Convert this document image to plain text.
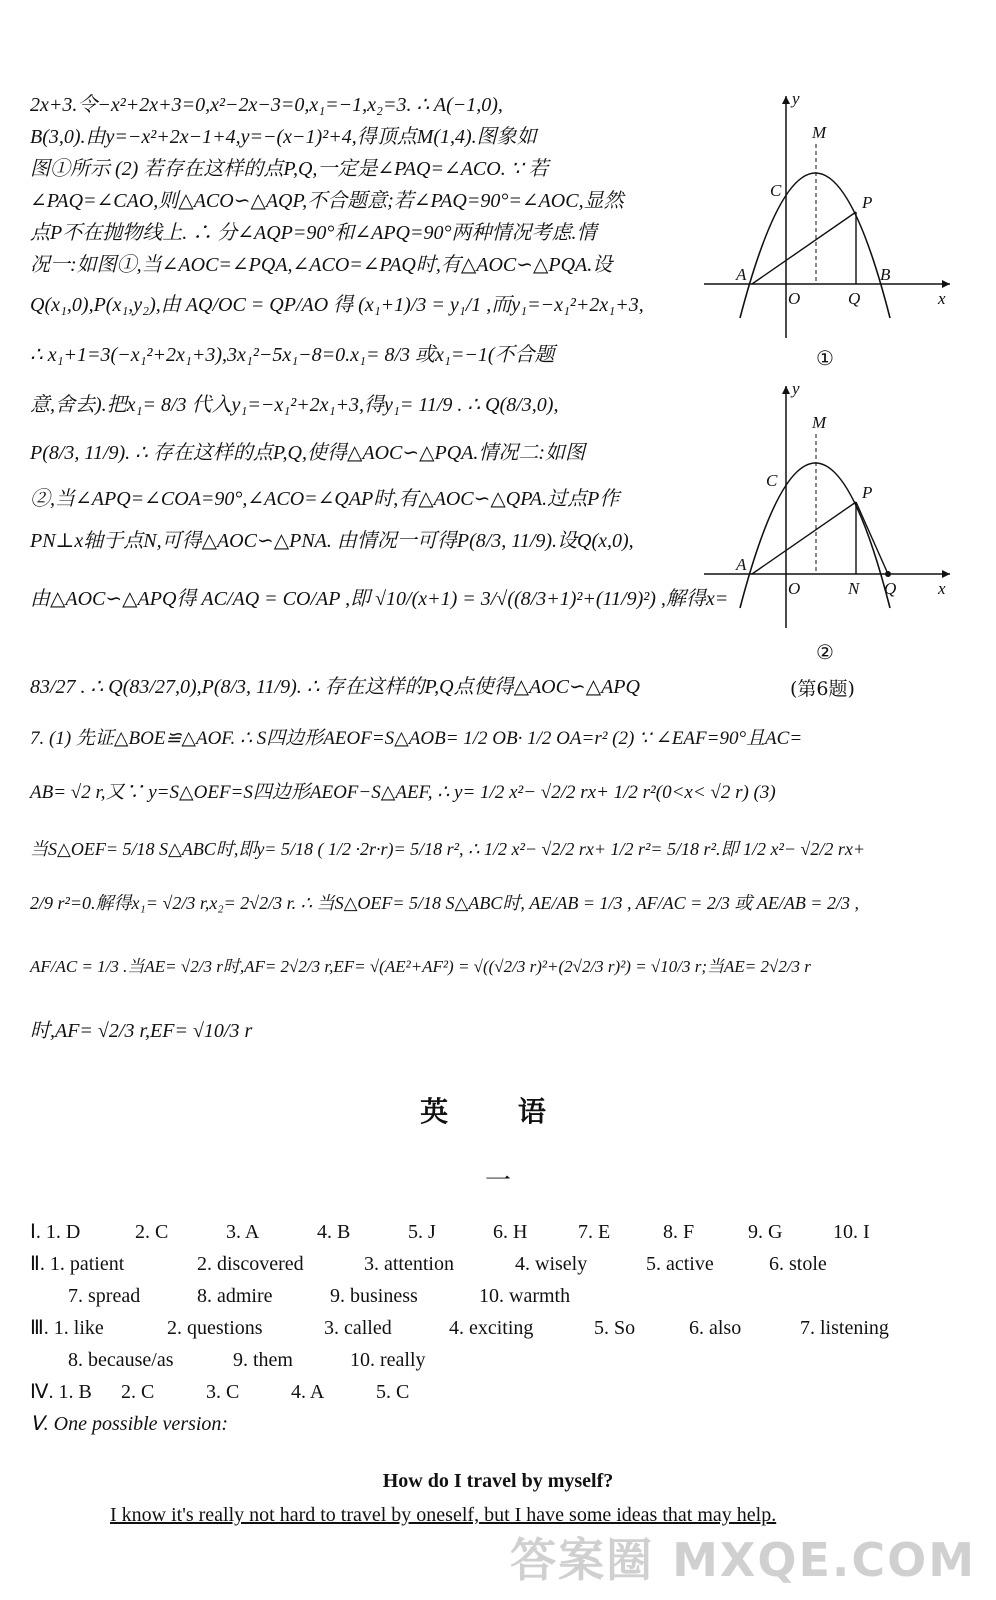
2x+3.令−x²+2x+3=0,x²−2x−3=0,x₁=−1,x₂=3. ∴ A(−1,0),
B(3,0).由y=−x²+2x−1+4,y=−(x−1)²+4,得顶点M(1,4).图象如
图①所示 (2) 若存在这样的点P,Q,一定是∠PAQ=∠ACO. ∵ 若
∠PAQ=∠CAO,则△ACO∽△AQP,不合题意;若∠PAQ=90°=∠AOC,显然
点P不在抛物线上. ∴ 分∠AQP=90°和∠APQ=90°两种情况考虑.情
况一:如图①,当∠AOC=∠PQA,∠ACO=∠PAQ时,有△AOC∽△PQA.设
Q(x₁,0),P(x₁,y₂),由 AQ/OC = QP/AO 得 (x₁+1)/3 = y₁/1 ,而y₁=−x₁²+2x₁+3,
∴ x₁+1=3(−x₁²+2x₁+3),3x₁²−5x₁−8=0.x₁= 8/3 或x₁=−1(不合题
意,舍去).把x₁= 8/3 代入y₁=−x₁²+2x₁+3,得y₁= 11/9 . ∴ Q(8/3,0),
P(8/3, 11/9). ∴ 存在这样的点P,Q,使得△AOC∽△PQA.情况二:如图
②,当∠APQ=∠COA=90°,∠ACO=∠QAP时,有△AOC∽△QPA.过点P作
PN⊥x轴于点N,可得△AOC∽△PNA. 由情况一可得P(8/3, 11/9).设Q(x,0),
由△AOC∽△APQ得 AC/AQ = CO/AP ,即 √10/(x+1) = 3/√((8/3+1)²+(11/9)²) ,解得x=
83/27 . ∴ Q(83/27,0),P(8/3, 11/9). ∴ 存在这样的P,Q点使得△AOC∽△APQ
7. (1) 先证△BOE≌△AOF. ∴ S四边形AEOF=S△AOB= 1/2 OB· 1/2 OA=r² (2) ∵ ∠EAF=90°且AC=
AB= √2 r,又∵ y=S△OEF=S四边形AEOF−S△AEF, ∴ y= 1/2 x²− √2/2 rx+ 1/2 r²(0<x< √2 r) (3)
当S△OEF= 5/18 S△ABC时,即y= 5/18 ( 1/2 ·2r·r)= 5/18 r², ∴ 1/2 x²− √2/2 rx+ 1/2 r²= 5/18 r².即 1/2 x²− √2/2 rx+
2/9 r²=0.解得x₁= √2/3 r,x₂= 2√2/3 r. ∴ 当S△OEF= 5/18 S△ABC时, AE/AB = 1/3 , AF/AC = 2/3 或 AE/AB = 2/3 ,
AF/AC = 1/3 .当AE= √2/3 r时,AF= 2√2/3 r,EF= √(AE²+AF²) = √((√2/3 r)²+(2√2/3 r)²) = √10/3 r;当AE= 2√2/3 r
时,AF= √2/3 r,EF= √10/3 r
y
M
C
P
A	B
O	Q	x
①
y
M
C
P
A
O	N Q x
②
(第6题)
英 语
一
Ⅰ. 1. D	2. C	3. A	4. B	5. J	6. H	7. E	8. F	9. G	10. I
Ⅱ. 1. patient	2. discovered	3. attention	4. wisely	5. active	6. stole
7. spread	8. admire	9. business	10. warmth
Ⅲ. 1. like	2. questions	3. called	4. exciting	5. So	6. also	7. listening
8. because/as	9. them	10. really
Ⅳ. 1. B 2. C	3. C	4. A	5. C
Ⅴ. One possible version:
How do I travel by myself?
I know it's really not hard to travel by oneself, but I have some ideas that may help.
答案圈 MXQE.COM
